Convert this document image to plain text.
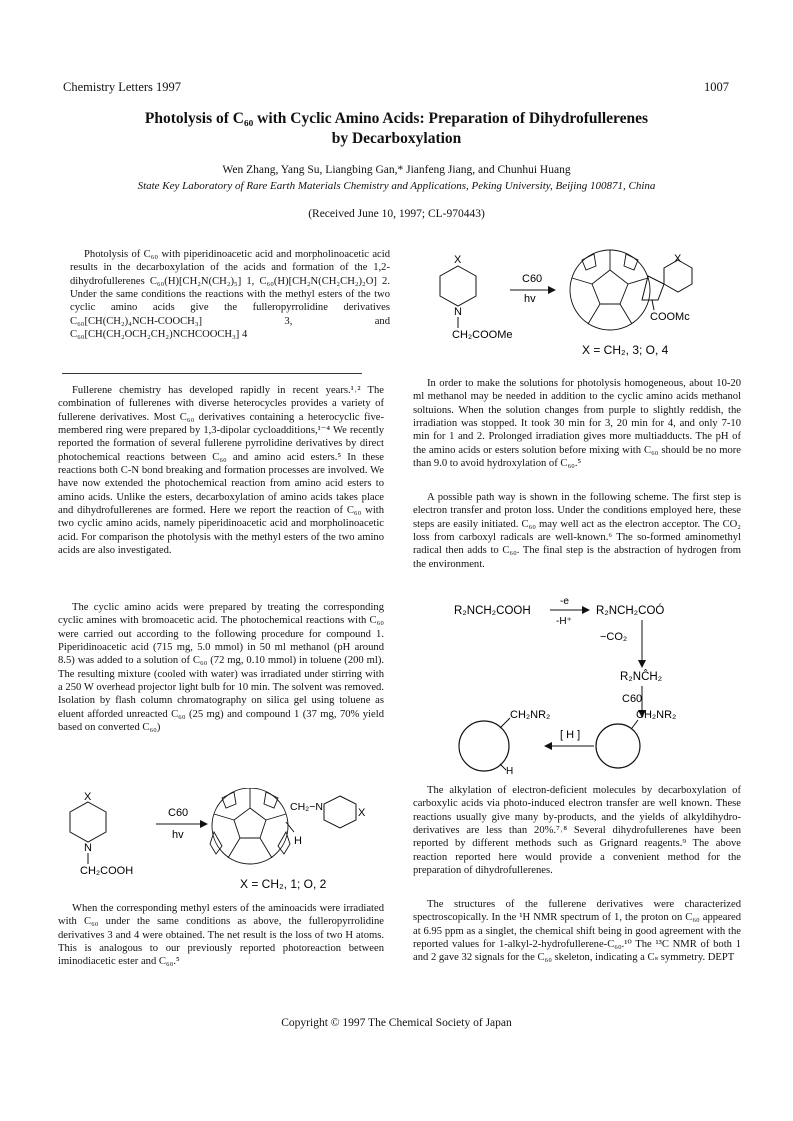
Chemistry Letters 1997	1007
Photolysis of C₆₀ with Cyclic Amino Acids: Preparation of Dihydrofullerenes
by Decarboxylation
Wen Zhang, Yang Su, Liangbing Gan,* Jianfeng Jiang, and Chunhui Huang
State Key Laboratory of Rare Earth Materials Chemistry and Applications, Peking University, Beijing 100871, China
(Received June 10, 1997; CL-970443)

Photolysis of C₆₀ with piperidinoacetic acid and morpholinoacetic acid results in the decarboxylation of the acids and formation of the 1,2-dihydrofullerenes C₆₀(H)[CH₂N(CH₂)₅] 1, C₆₀(H)[CH₂N(CH₂CH₂)₂O] 2. Under the same conditions the reactions with the methyl esters of the two cyclic amino acids give the fulleropyrrolidine derivatives C₆₀[CH(CH₂)₄NCH-COOCH₃] 3, and C₆₀[CH(CH₂OCH₂CH₂)NCHCOOCH₃] 4

Fullerene chemistry has developed rapidly in recent years.¹˒² The combination of fullerenes with diverse heterocycles provides a variety of fullerene derivatives. Most C₆₀ derivatives containing a heterocyclic five-membered ring were prepared by 1,3-dipolar cycloadditions,¹⁻⁴ We recently reported the formation of several fullerene pyrrolidine derivatives by direct photochemical reactions between C₆₀ and amino acid esters.⁵ In these reactions both C-N bond breaking and formation processes are involved. We have now extended the photochemical reaction from amino acid esters to amino acids. Unlike the esters, decarboxylation of amino acids takes place and dihydrofullerenes are formed. Here we report the reaction of C₆₀ with two cyclic amino acids, namely piperidinoacetic acid and morpholinoacetic acid. For comparison the photolysis with the methyl esters of the two amino acids are also investigated.

The cyclic amino acids were prepared by treating the corresponding cyclic amines with bromoacetic acid. The photochemical reactions with C₆₀ were carried out according to the following procedure for compound 1. Piperidinoacetic acid (715 mg, 5.0 mmol) in 50 ml methanol (pH around 8.5) was added to a solution of C₆₀ (72 mg, 0.10 mmol) in toluene (200 ml). The resulting mixture (cooled with water) was irradiated under stirring with a 250 W overhead projector light bulb for 10 min. The solvent was removed. Isolation by flash column chromatography on silica gel using toluene as eluent afforded unreacted C₆₀ (25 mg) and compound 1 (37 mg, 70% yield based on converted C₆₀)

X
N
CH₂COOH
C60
hv
CH₂−N	X
H
X = CH₂, 1; O, 2

When the corresponding methyl esters of the aminoacids were irradiated with C₆₀ under the same conditions as above, the fulleropyrrolidine derivatives 3 and 4 were obtained. The net result is the loss of two H atoms. This is analogous to our previously reported photoreaction between iminodiacetic ester and C₆₀.⁵

X
N
CH₂COOMe
C60
hv
X
COOMc
X = CH₂, 3; O, 4

In order to make the solutions for photolysis homogeneous, about 10-20 ml methanol may be needed in addition to the cyclic amino acids methanol soltuions. When the solution changes from purple to slightly reddish, the irradiation was stopped. It took 30 min for 3, 20 min for 4, and only 7-10 min for 1 and 2. Prolonged irradiation gives more multiadducts. The pH of the amino acids or esters solution before mixing with C₆₀ should be no more than 9.0 to avoid hydroxylation of C₆₀.⁵

A possible path way is shown in the following scheme. The first step is electron transfer and proton loss. Under the conditions employed here, these steps are easily initiated. C₆₀ may well act as the electron acceptor. The CO₂ loss from carboxyl radicals are well-known.⁶ The so-formed aminomethyl radical then adds to C₆₀. The final step is the abstraction of hydrogen from the environment.

R₂NCH₂COOH
-e
-H⁺
R₂NCH₂COÓ
−CO₂
R₂NĈH₂
C60
CH₂NR₂
H
[ H ]
CH₂NR₂

The alkylation of electron-deficient molecules by decarboxylation of carboxylic acids via photo-induced electron transfer are well known. These reactions usually give many by-products, and the yields of alkyldihydro-derivatives are less than 20%.⁷˒⁸ Several dihydrofullerenes have been reported by different methods such as Grignard reagents.⁹ The above reaction reported here would provide a convenient method for the preparation of dihydrofullerenes.

The structures of the fullerene derivatives were characterized spectroscopically. In the ¹H NMR spectrum of 1, the proton on C₆₀ appeared at 6.95 ppm as a singlet, the chemical shift being in good agreement with the reported values for 1-alkyl-2-hydrofullerene-C₆₀.¹⁰ The ¹³C NMR of both 1 and 2 gave 32 signals for the C₆₀ skeleton, indicating a Cₛ symmetry. DEPT

Copyright © 1997 The Chemical Society of Japan
